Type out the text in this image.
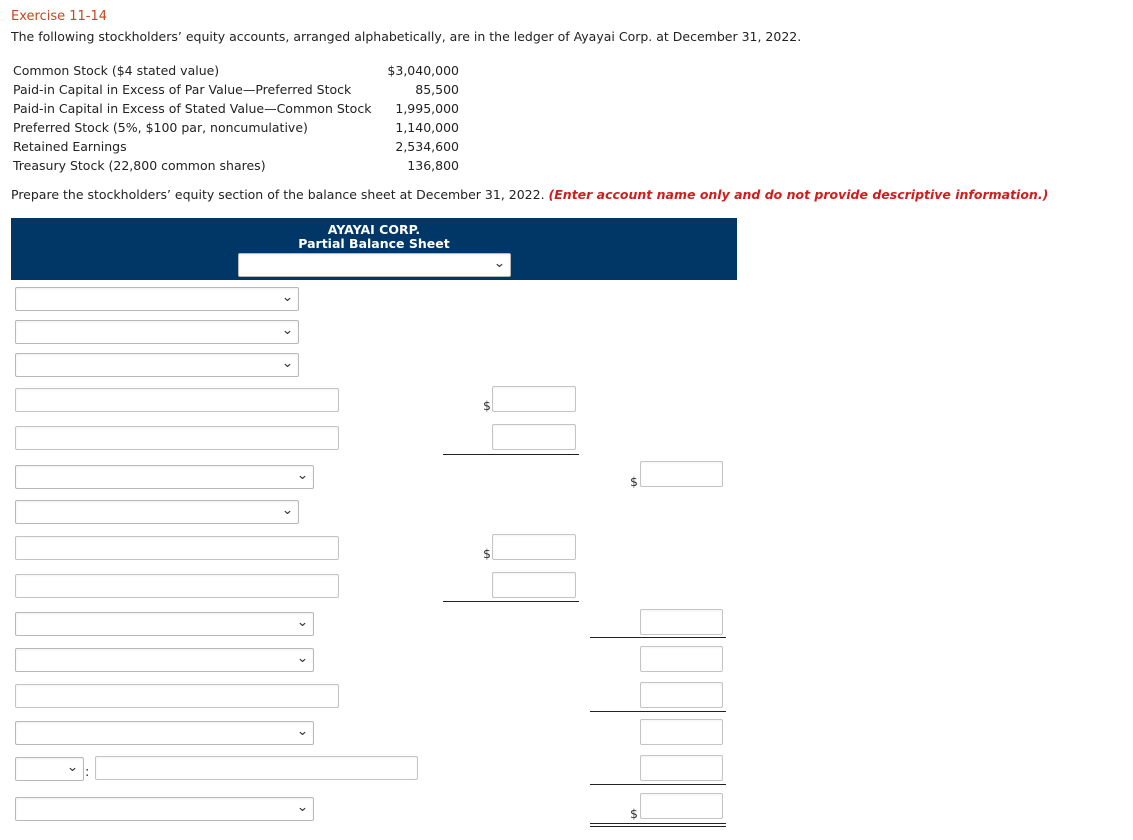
Exercise 11-14
The following stockholders’ equity accounts, arranged alphabetically, are in the ledger of Ayayai Corp. at December 31, 2022.
Common Stock ($4 stated value)	$3,040,000
Paid-in Capital in Excess of Par Value—Preferred Stock	85,500
Paid-in Capital in Excess of Stated Value—Common Stock 1,995,000
Preferred Stock (5%, $100 par, noncumulative)	1,140,000
Retained Earnings	2,534,600
Treasury Stock (22,800 common shares)	136,800
Prepare the stockholders’ equity section of the balance sheet at December 31, 2022. (Enter account name only and do not provide descriptive information.)
AYAYAI CORP.
Partial Balance Sheet
⌄
⌄
⌄
⌄
$
⌄	$
⌄
$
⌄
⌄
⌄
⌄ :
⌄	$
